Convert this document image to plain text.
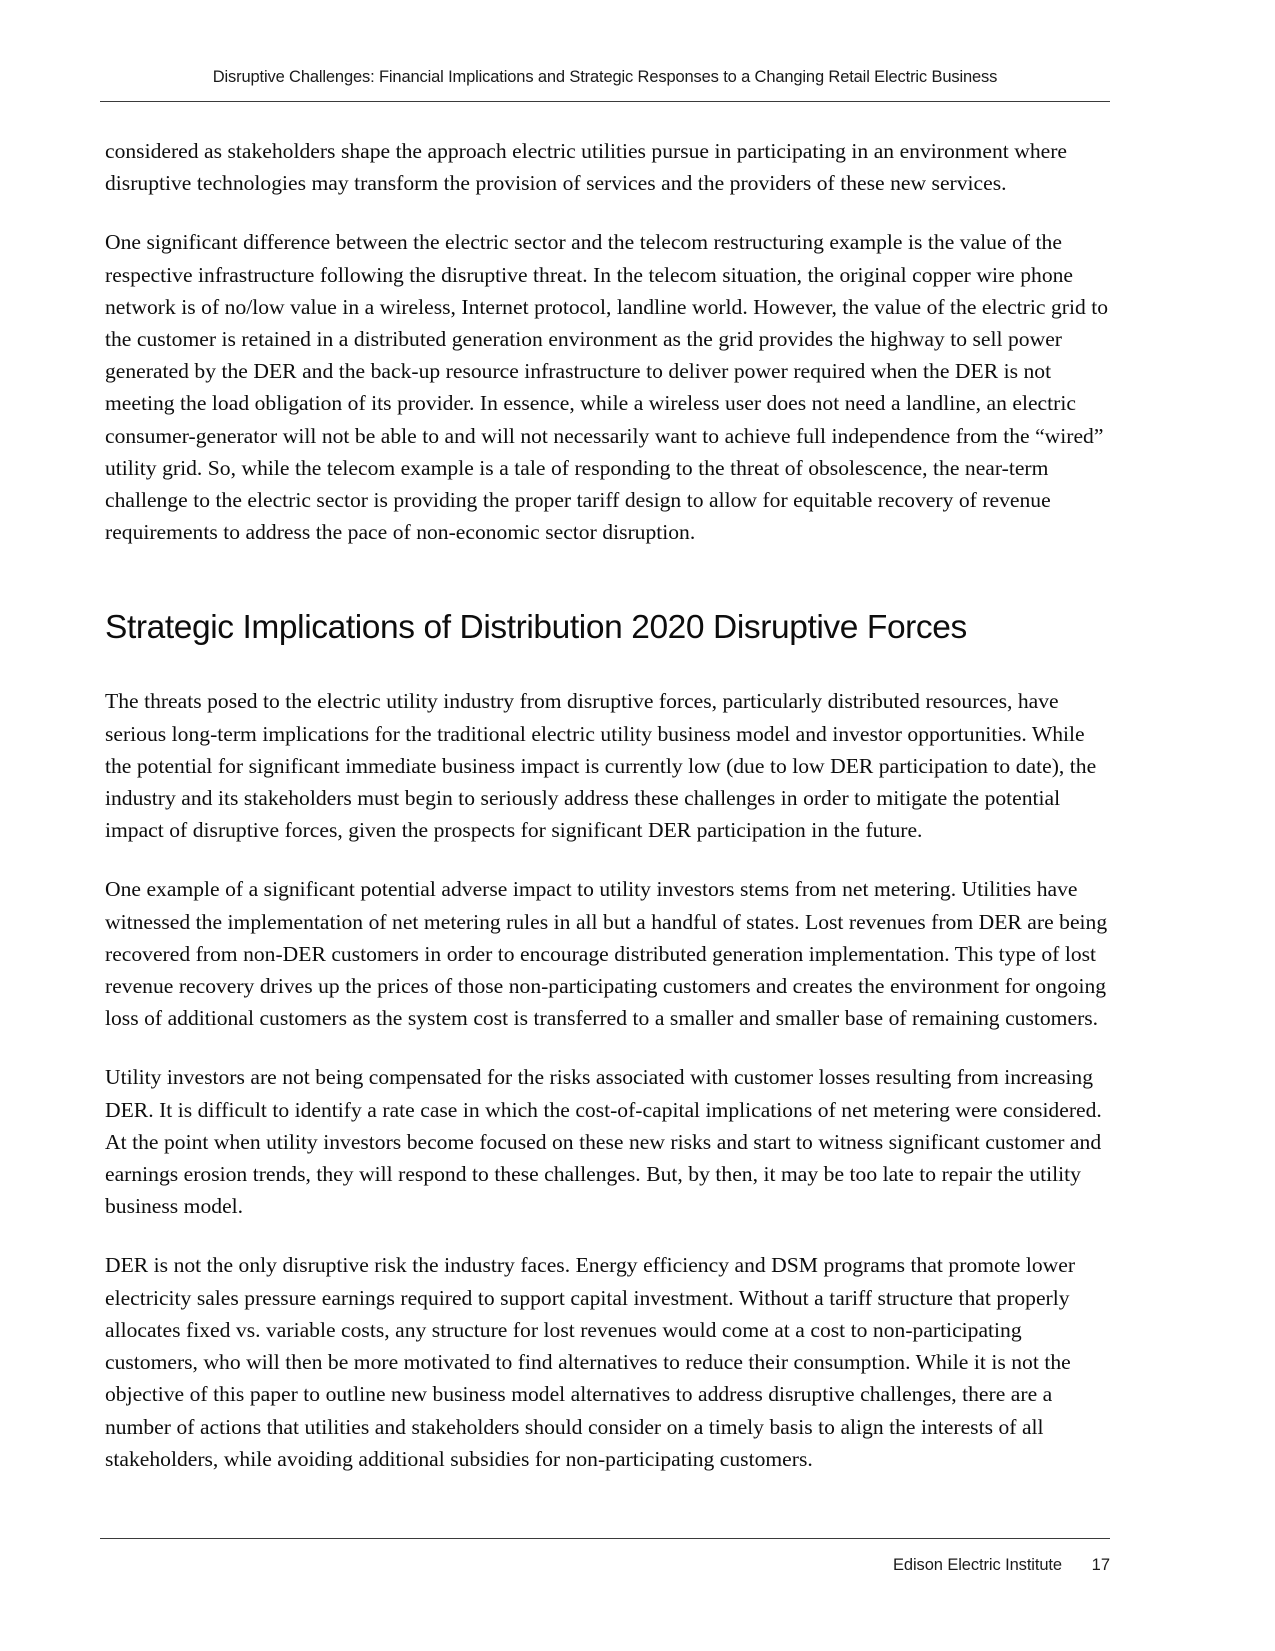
Disruptive Challenges: Financial Implications and Strategic Responses to a Changing Retail Electric Business

considered as stakeholders shape the approach electric utilities pursue in participating in an environment where disruptive technologies may transform the provision of services and the providers of these new services.

One significant difference between the electric sector and the telecom restructuring example is the value of the respective infrastructure following the disruptive threat. In the telecom situation, the original copper wire phone network is of no/low value in a wireless, Internet protocol, landline world. However, the value of the electric grid to the customer is retained in a distributed generation environment as the grid provides the highway to sell power generated by the DER and the back-up resource infrastructure to deliver power required when the DER is not meeting the load obligation of its provider. In essence, while a wireless user does not need a landline, an electric consumer-generator will not be able to and will not necessarily want to achieve full independence from the “wired” utility grid. So, while the telecom example is a tale of responding to the threat of obsolescence, the near-term challenge to the electric sector is providing the proper tariff design to allow for equitable recovery of revenue requirements to address the pace of non-economic sector disruption.

Strategic Implications of Distribution 2020 Disruptive Forces

The threats posed to the electric utility industry from disruptive forces, particularly distributed resources, have serious long-term implications for the traditional electric utility business model and investor opportunities. While the potential for significant immediate business impact is currently low (due to low DER participation to date), the industry and its stakeholders must begin to seriously address these challenges in order to mitigate the potential impact of disruptive forces, given the prospects for significant DER participation in the future.

One example of a significant potential adverse impact to utility investors stems from net metering. Utilities have witnessed the implementation of net metering rules in all but a handful of states. Lost revenues from DER are being recovered from non-DER customers in order to encourage distributed generation implementation. This type of lost revenue recovery drives up the prices of those non-participating customers and creates the environment for ongoing loss of additional customers as the system cost is transferred to a smaller and smaller base of remaining customers.

Utility investors are not being compensated for the risks associated with customer losses resulting from increasing DER. It is difficult to identify a rate case in which the cost-of-capital implications of net metering were considered. At the point when utility investors become focused on these new risks and start to witness significant customer and earnings erosion trends, they will respond to these challenges. But, by then, it may be too late to repair the utility business model.

DER is not the only disruptive risk the industry faces. Energy efficiency and DSM programs that promote lower electricity sales pressure earnings required to support capital investment. Without a tariff structure that properly allocates fixed vs. variable costs, any structure for lost revenues would come at a cost to non-participating customers, who will then be more motivated to find alternatives to reduce their consumption. While it is not the objective of this paper to outline new business model alternatives to address disruptive challenges, there are a number of actions that utilities and stakeholders should consider on a timely basis to align the interests of all stakeholders, while avoiding additional subsidies for non-participating customers.

Edison Electric Institute 17
